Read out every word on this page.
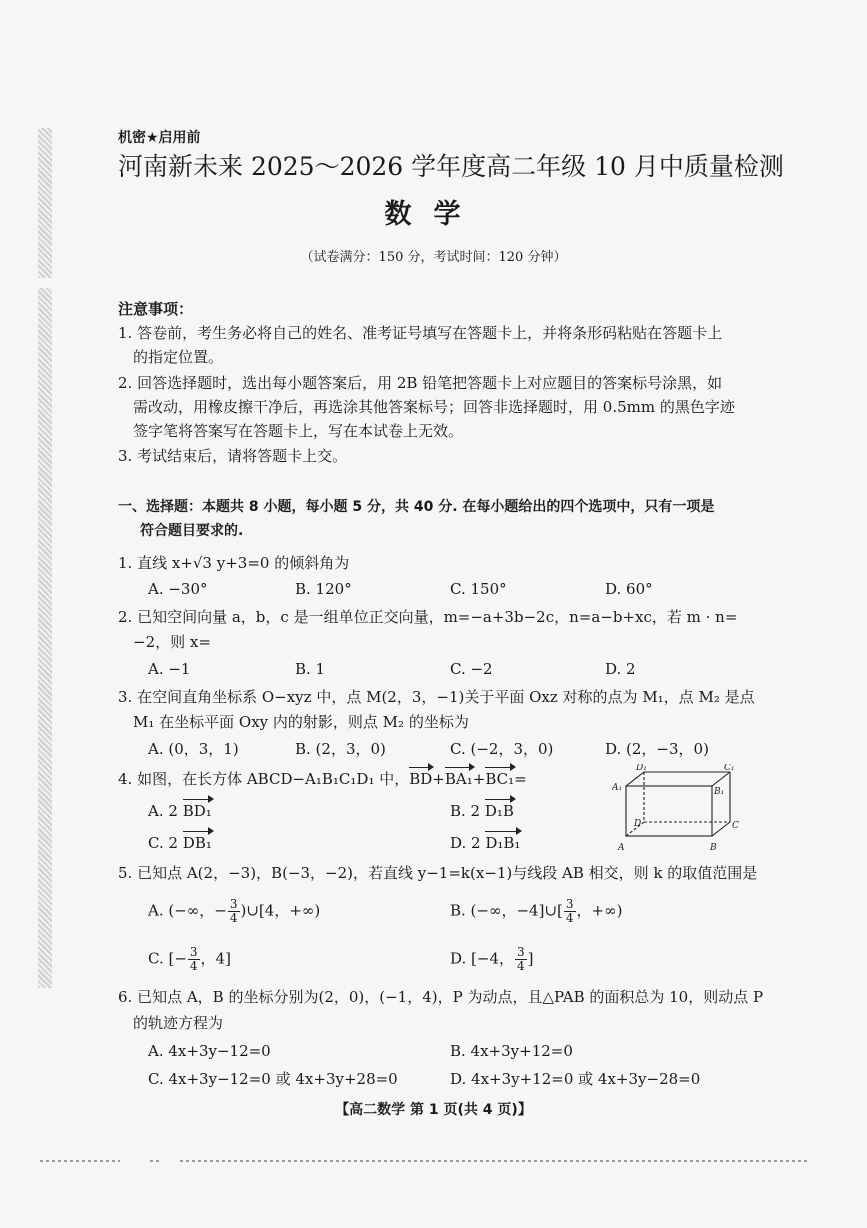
机密★启用前
河南新未来 2025～2026 学年度高二年级 10 月中质量检测
数学
（试卷满分：150 分，考试时间：120 分钟）
注意事项：
1. 答卷前，考生务必将自己的姓名、准考证号填写在答题卡上，并将条形码粘贴在答题卡上
的指定位置。
2. 回答选择题时，选出每小题答案后，用 2B 铅笔把答题卡上对应题目的答案标号涂黑，如
需改动，用橡皮擦干净后，再选涂其他答案标号；回答非选择题时，用 0.5mm 的黑色字迹
签字笔将答案写在答题卡上，写在本试卷上无效。
3. 考试结束后，请将答题卡上交。
一、选择题：本题共 8 小题，每小题 5 分，共 40 分. 在每小题给出的四个选项中，只有一项是
符合题目要求的.
1. 直线 x+√3 y+3=0 的倾斜角为
A. −30°	B. 120°	C. 150°	D. 60°
2. 已知空间向量 a，b，c 是一组单位正交向量，m=−a+3b−2c，n=a−b+xc，若 m · n=
−2，则 x=
A. −1	B. 1	C. −2	D. 2
3. 在空间直角坐标系 O−xyz 中，点 M(2，3，−1)关于平面 Oxz 对称的点为 M₁，点 M₂ 是点
M₁ 在坐标平面 Oxy 内的射影，则点 M₂ 的坐标为
A. (0，3，1)	B. (2，3，0)	C. (−2，3，0)	D. (2，−3，0)
4. 如图，在长方体 ABCD−A₁B₁C₁D₁ 中，BD+BA₁+BC₁=
A. 2 BD₁	B. 2 D₁B
C. 2 DB₁	D. 2 D₁B₁
D₁	C₁
A₁	B₁
D	C
A	B
5. 已知点 A(2，−3)，B(−3，−2)，若直线 y−1=k(x−1)与线段 AB 相交，则 k 的取值范围是
A. (−∞，− $\frac{3}{4}$ )∪[4，+∞)	B. (−∞，−4]∪[ $\frac{3}{4}$ ，+∞)
C. [− $\frac{3}{4}$ ，4]	D. [−4， $\frac{3}{4}$ ]
6. 已知点 A，B 的坐标分别为(2，0)，(−1，4)，P 为动点，且△PAB 的面积总为 10，则动点 P
的轨迹方程为
A. 4x+3y−12=0	B. 4x+3y+12=0
C. 4x+3y−12=0 或 4x+3y+28=0	D. 4x+3y+12=0 或 4x+3y−28=0
【高二数学 第 1 页(共 4 页)】
